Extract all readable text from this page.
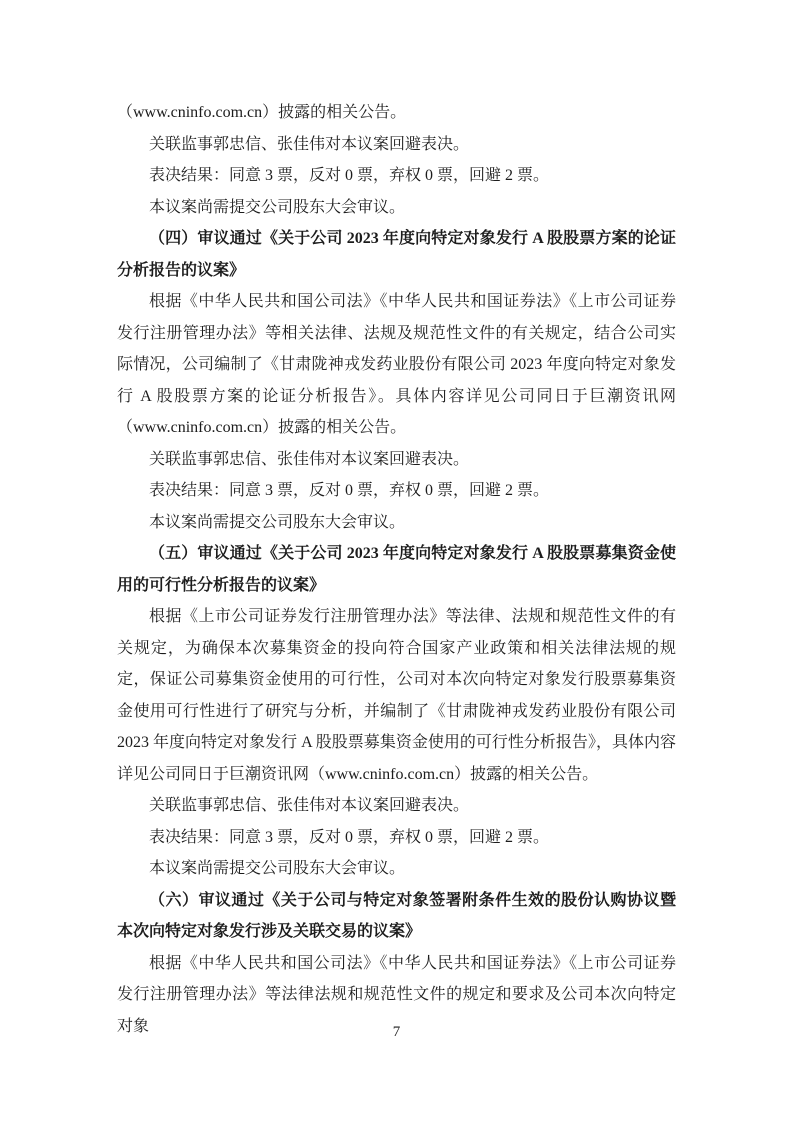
（www.cninfo.com.cn）披露的相关公告。

关联监事郭忠信、张佳伟对本议案回避表决。

表决结果：同意 3 票，反对 0 票，弃权 0 票，回避 2 票。

本议案尚需提交公司股东大会审议。

（四）审议通过《关于公司 2023 年度向特定对象发行 A 股股票方案的论证分析报告的议案》

根据《中华人民共和国公司法》《中华人民共和国证券法》《上市公司证券发行注册管理办法》等相关法律、法规及规范性文件的有关规定，结合公司实际情况，公司编制了《甘肃陇神戎发药业股份有限公司 2023 年度向特定对象发行 A 股股票方案的论证分析报告》。具体内容详见公司同日于巨潮资讯网（www.cninfo.com.cn）披露的相关公告。

关联监事郭忠信、张佳伟对本议案回避表决。

表决结果：同意 3 票，反对 0 票，弃权 0 票，回避 2 票。

本议案尚需提交公司股东大会审议。

（五）审议通过《关于公司 2023 年度向特定对象发行 A 股股票募集资金使用的可行性分析报告的议案》

根据《上市公司证券发行注册管理办法》等法律、法规和规范性文件的有关规定，为确保本次募集资金的投向符合国家产业政策和相关法律法规的规定，保证公司募集资金使用的可行性，公司对本次向特定对象发行股票募集资金使用可行性进行了研究与分析，并编制了《甘肃陇神戎发药业股份有限公司 2023 年度向特定对象发行 A 股股票募集资金使用的可行性分析报告》，具体内容详见公司同日于巨潮资讯网（www.cninfo.com.cn）披露的相关公告。

关联监事郭忠信、张佳伟对本议案回避表决。

表决结果：同意 3 票，反对 0 票，弃权 0 票，回避 2 票。

本议案尚需提交公司股东大会审议。

（六）审议通过《关于公司与特定对象签署附条件生效的股份认购协议暨本次向特定对象发行涉及关联交易的议案》

根据《中华人民共和国公司法》《中华人民共和国证券法》《上市公司证券发行注册管理办法》等法律法规和规范性文件的规定和要求及公司本次向特定对象	7
